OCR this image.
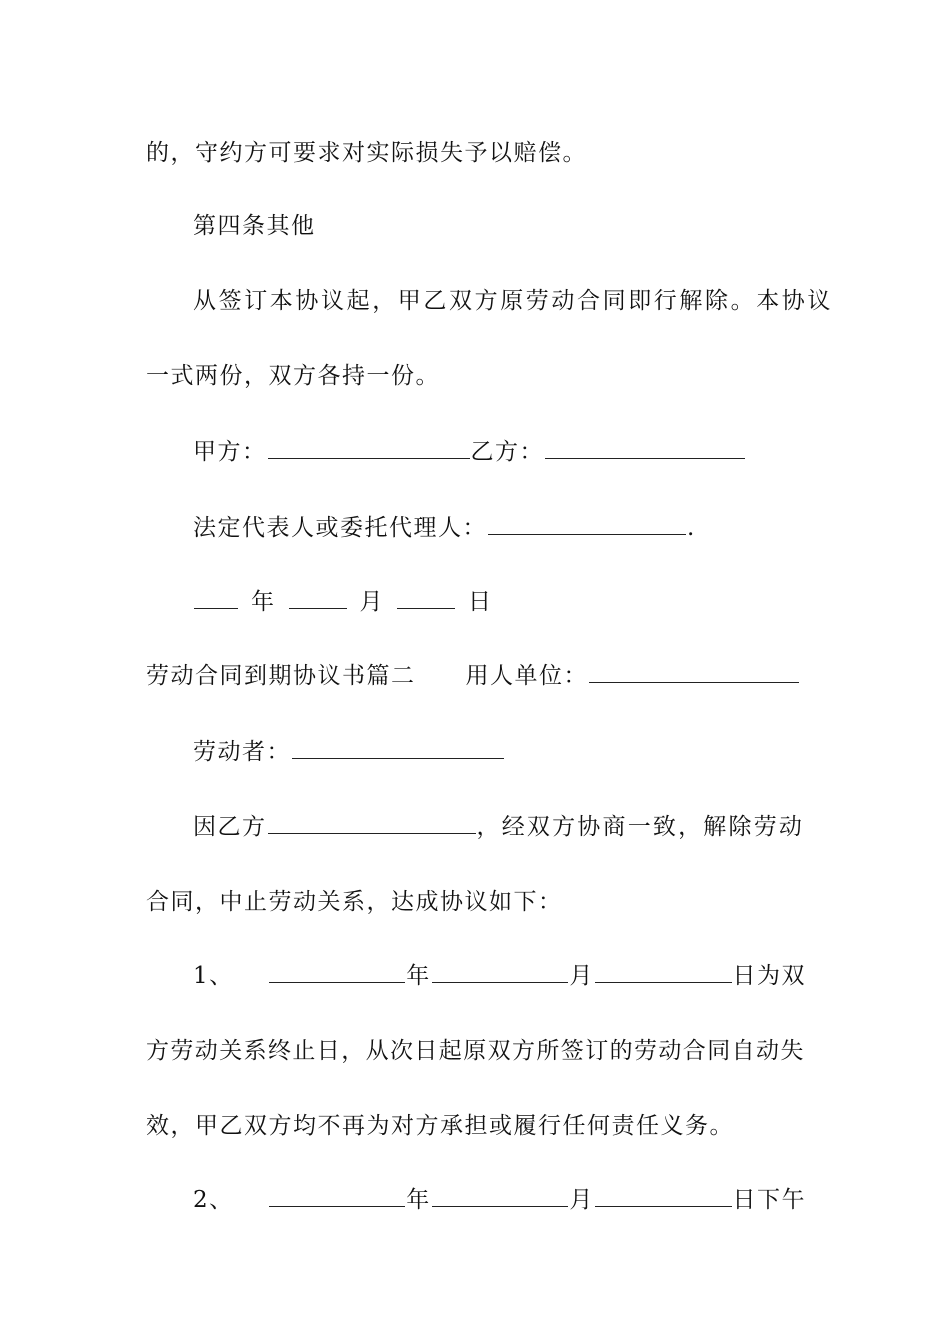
的，守约方可要求对实际损失予以赔偿。
第四条其他
从签订本协议起，甲乙双方原劳动合同即行解除。本协议
一式两份，双方各持一份。
甲方：	乙方：
法定代表人或委托代理人：	.
年	月	日
劳动合同到期协议书篇二 用人单位：
劳动者：
因乙方	，经双方协商一致，解除劳动
合同，中止劳动关系，达成协议如下：
1、	年	月	日为双
方劳动关系终止日，从次日起原双方所签订的劳动合同自动失
效，甲乙双方均不再为对方承担或履行任何责任义务。
2、	年	月	日下午
